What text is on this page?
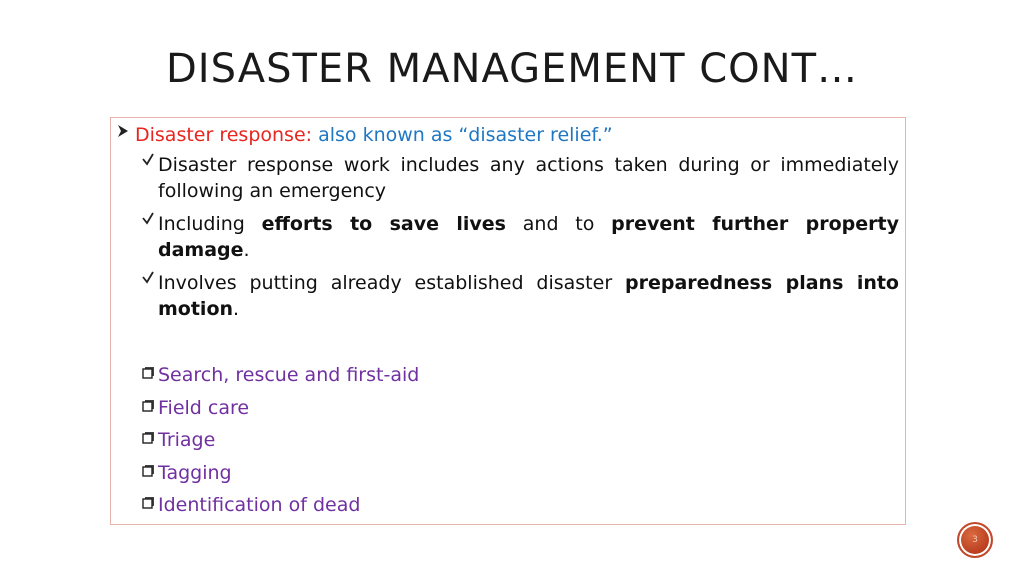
DISASTER MANAGEMENT CONT…
Disaster response: also known as “disaster relief.”
Disaster response work includes any actions taken during or immediately following an emergency
Including efforts to save lives and to prevent further property damage.
Involves putting already established disaster preparedness plans into motion.
Search, rescue and first-aid
Field care
Triage
Tagging
Identification of dead
3
